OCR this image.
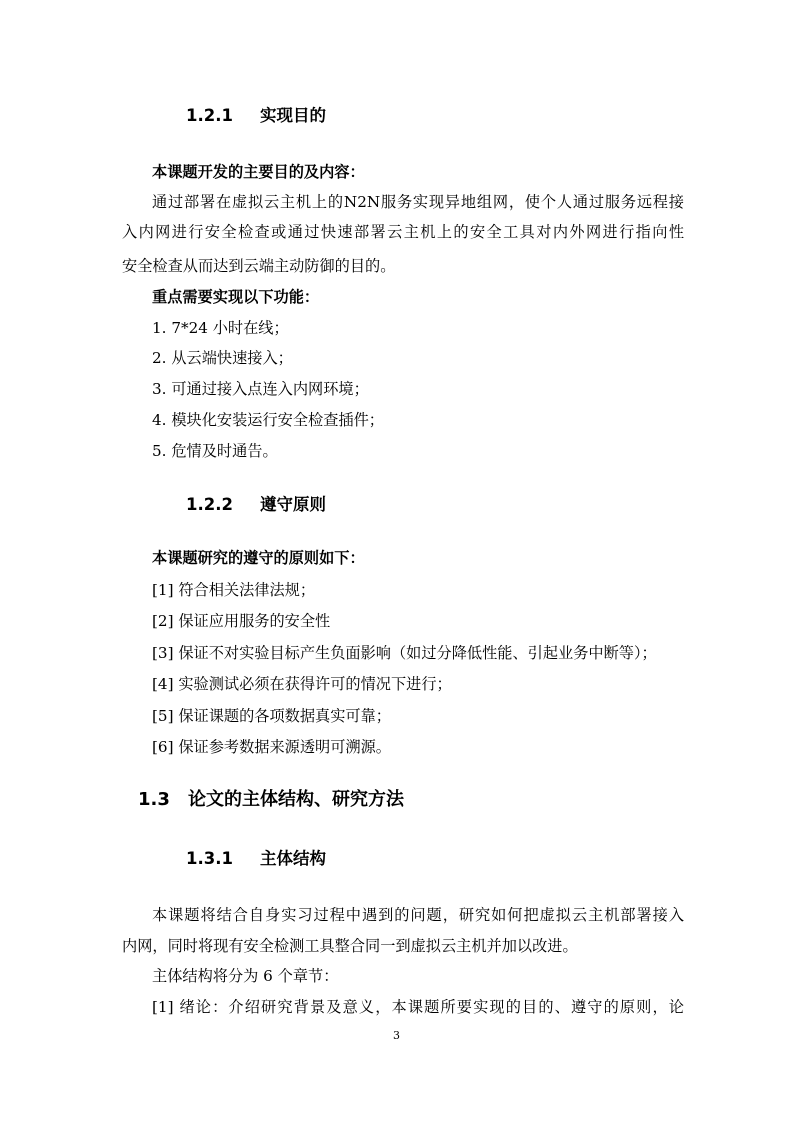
1.2.1 实现目的
本课题开发的主要目的及内容：
通过部署在虚拟云主机上的N2N服务实现异地组网，使个人通过服务远程接
入内网进行安全检查或通过快速部署云主机上的安全工具对内外网进行指向性
安全检查从而达到云端主动防御的目的。
重点需要实现以下功能：
1. 7*24 小时在线；
2. 从云端快速接入；
3. 可通过接入点连入内网环境；
4. 模块化安装运行安全检查插件；
5. 危情及时通告。
1.2.2 遵守原则
本课题研究的遵守的原则如下：
[1] 符合相关法律法规；
[2] 保证应用服务的安全性
[3] 保证不对实验目标产生负面影响（如过分降低性能、引起业务中断等）；
[4] 实验测试必须在获得许可的情况下进行；
[5] 保证课题的各项数据真实可靠；
[6] 保证参考数据来源透明可溯源。
1.3 论文的主体结构、研究方法
1.3.1 主体结构
本课题将结合自身实习过程中遇到的问题，研究如何把虚拟云主机部署接入
内网，同时将现有安全检测工具整合同一到虚拟云主机并加以改进。
主体结构将分为 6 个章节：
[1] 绪论：介绍研究背景及意义，本课题所要实现的目的、遵守的原则，论
3
